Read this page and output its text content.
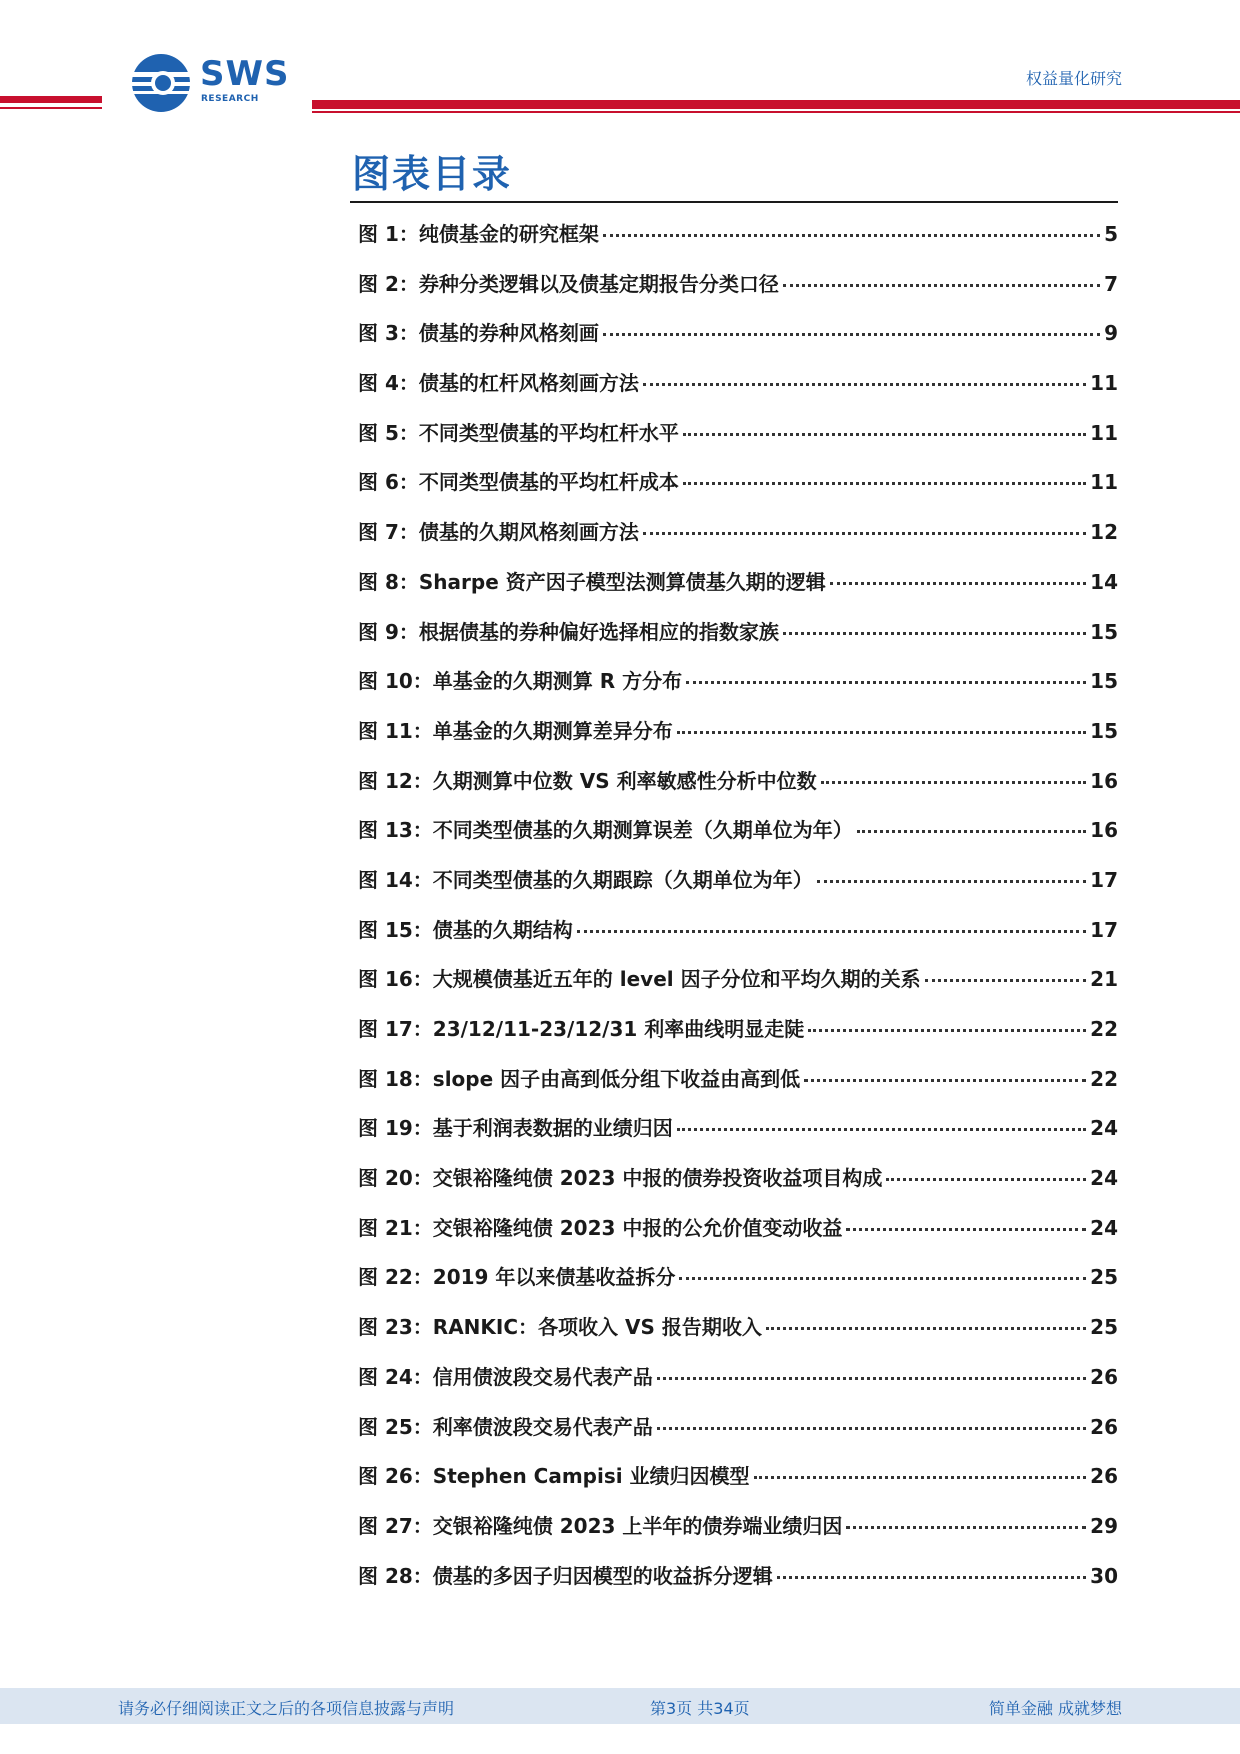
SWS
RESEARCH
权益量化研究
图表目录
图 1：纯债基金的研究框架	5
图 2：券种分类逻辑以及债基定期报告分类口径	7
图 3：债基的券种风格刻画	9
图 4：债基的杠杆风格刻画方法	11
图 5：不同类型债基的平均杠杆水平	11
图 6：不同类型债基的平均杠杆成本	11
图 7：债基的久期风格刻画方法	12
图 8：Sharpe 资产因子模型法测算债基久期的逻辑	14
图 9：根据债基的券种偏好选择相应的指数家族	15
图 10：单基金的久期测算 R 方分布	15
图 11：单基金的久期测算差异分布	15
图 12：久期测算中位数 VS 利率敏感性分析中位数	16
图 13：不同类型债基的久期测算误差（久期单位为年）	16
图 14：不同类型债基的久期跟踪（久期单位为年）	17
图 15：债基的久期结构	17
图 16：大规模债基近五年的 level 因子分位和平均久期的关系	21
图 17：23/12/11-23/12/31 利率曲线明显走陡	22
图 18：slope 因子由高到低分组下收益由高到低	22
图 19：基于利润表数据的业绩归因	24
图 20：交银裕隆纯债 2023 中报的债券投资收益项目构成	24
图 21：交银裕隆纯债 2023 中报的公允价值变动收益	24
图 22：2019 年以来债基收益拆分	25
图 23：RANKIC：各项收入 VS 报告期收入	25
图 24：信用债波段交易代表产品	26
图 25：利率债波段交易代表产品	26
图 26：Stephen Campisi 业绩归因模型	26
图 27：交银裕隆纯债 2023 上半年的债券端业绩归因	29
图 28：债基的多因子归因模型的收益拆分逻辑	30
请务必仔细阅读正文之后的各项信息披露与声明	第3页 共34页	简单金融 成就梦想
